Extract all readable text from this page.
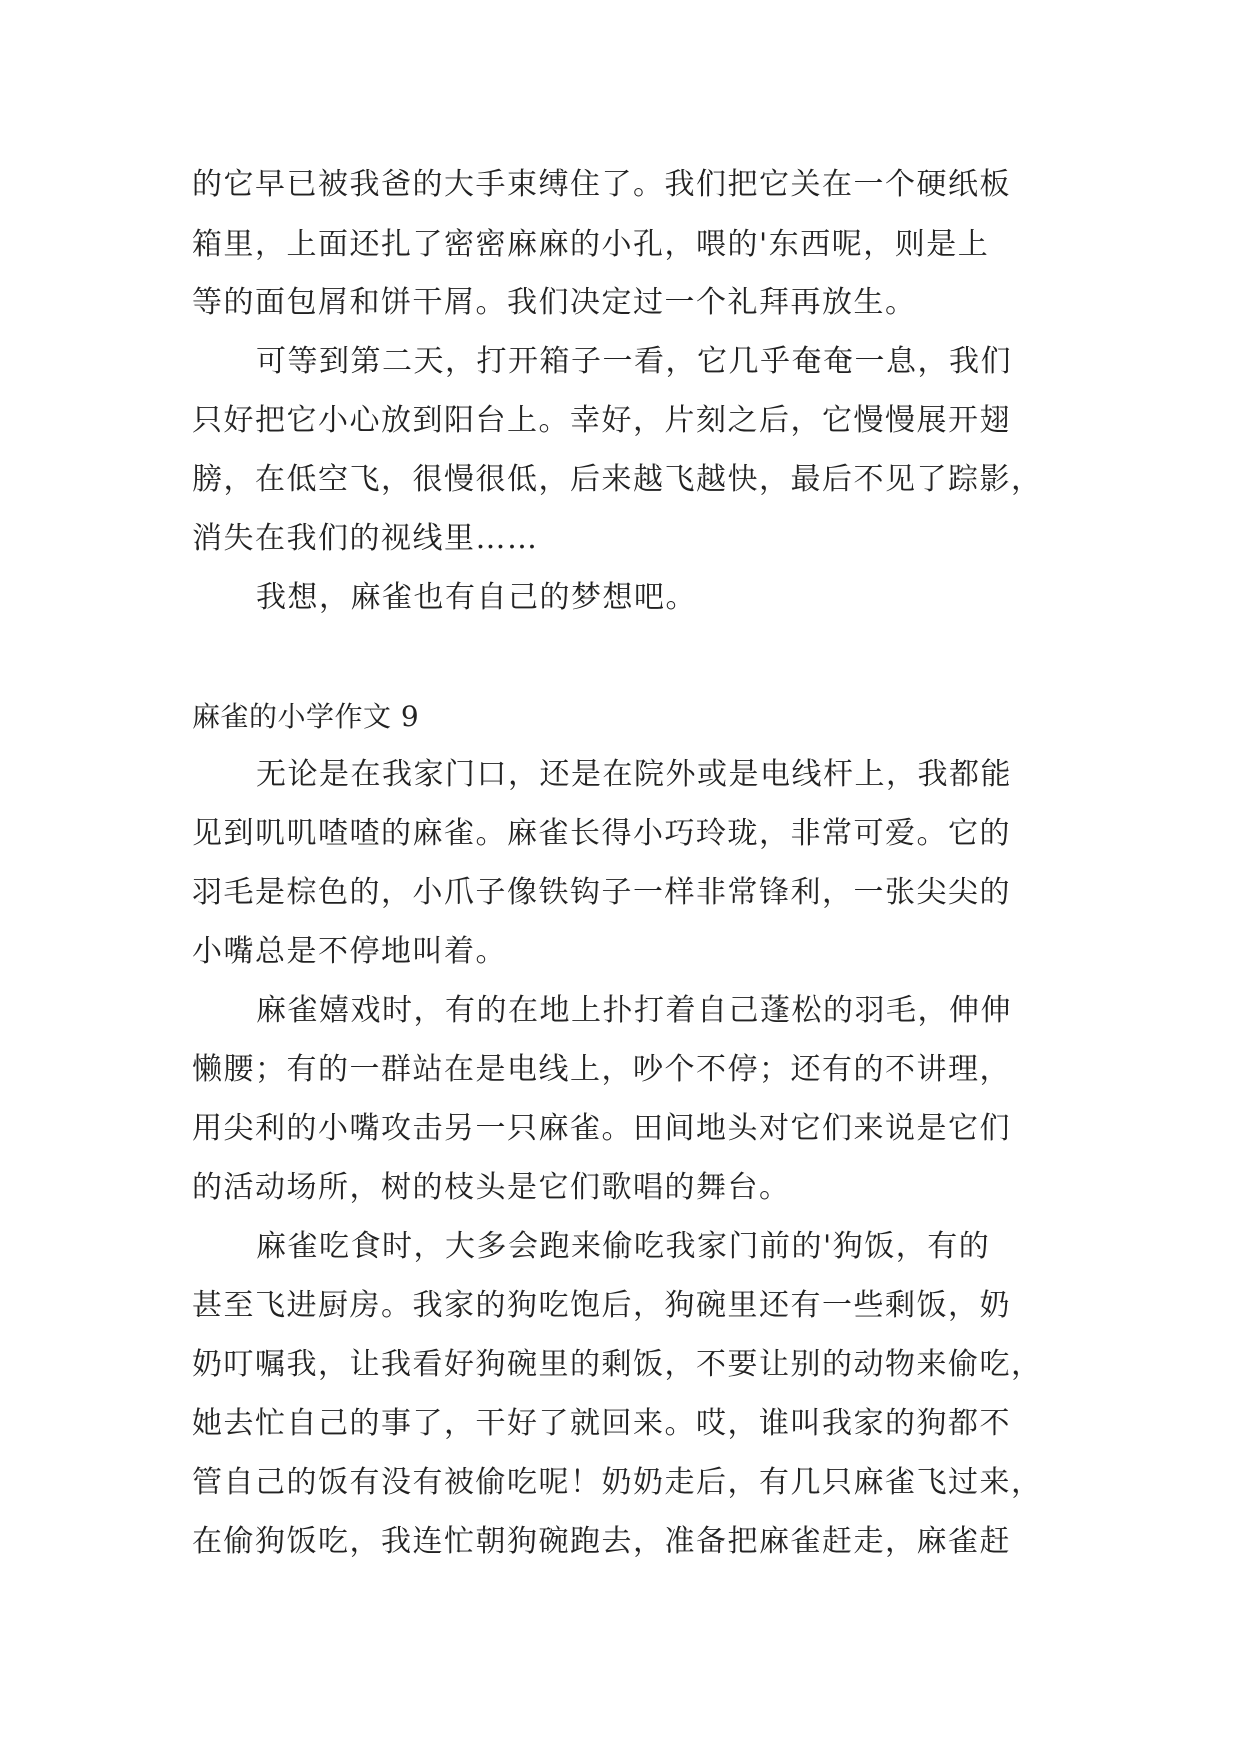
的它早已被我爸的大手束缚住了。我们把它关在一个硬纸板
箱里，上面还扎了密密麻麻的小孔，喂的'东西呢，则是上
等的面包屑和饼干屑。我们决定过一个礼拜再放生。
可等到第二天，打开箱子一看，它几乎奄奄一息，我们
只好把它小心放到阳台上。幸好，片刻之后，它慢慢展开翅
膀，在低空飞，很慢很低，后来越飞越快，最后不见了踪影，
消失在我们的视线里……
我想，麻雀也有自己的梦想吧。
麻雀的小学作文 9
无论是在我家门口，还是在院外或是电线杆上，我都能
见到叽叽喳喳的麻雀。麻雀长得小巧玲珑，非常可爱。它的
羽毛是棕色的，小爪子像铁钩子一样非常锋利，一张尖尖的
小嘴总是不停地叫着。
麻雀嬉戏时，有的在地上扑打着自己蓬松的羽毛，伸伸
懒腰；有的一群站在是电线上，吵个不停；还有的不讲理，
用尖利的小嘴攻击另一只麻雀。田间地头对它们来说是它们
的活动场所，树的枝头是它们歌唱的舞台。
麻雀吃食时，大多会跑来偷吃我家门前的'狗饭，有的
甚至飞进厨房。我家的狗吃饱后，狗碗里还有一些剩饭，奶
奶叮嘱我，让我看好狗碗里的剩饭，不要让别的动物来偷吃，
她去忙自己的事了，干好了就回来。哎，谁叫我家的狗都不
管自己的饭有没有被偷吃呢！奶奶走后，有几只麻雀飞过来，
在偷狗饭吃，我连忙朝狗碗跑去，准备把麻雀赶走，麻雀赶
